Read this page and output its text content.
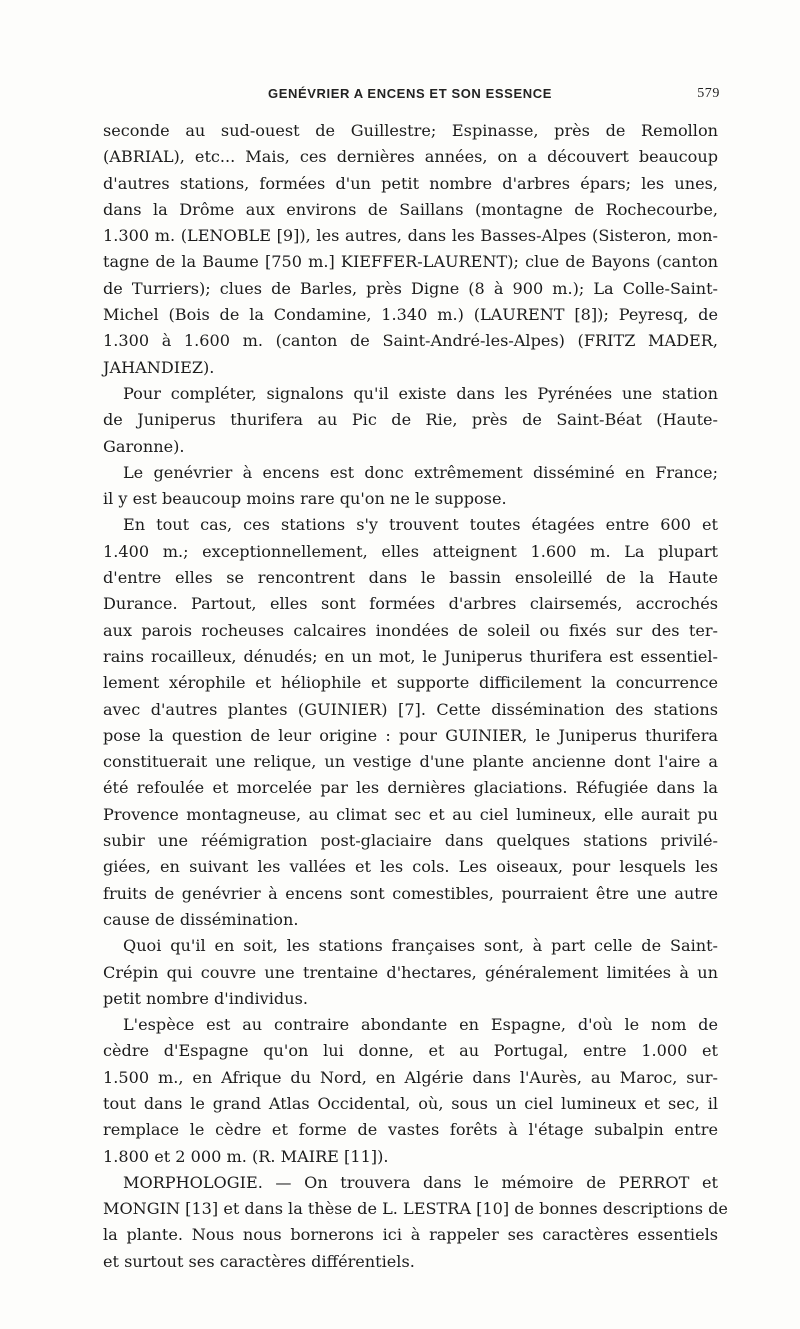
GENÉVRIER A ENCENS ET SON ESSENCE	579
seconde au sud-ouest de Guillestre; Espinasse, près de Remollon
(ABRIAL), etc... Mais, ces dernières années, on a découvert beaucoup
d'autres stations, formées d'un petit nombre d'arbres épars; les unes,
dans la Drôme aux environs de Saillans (montagne de Rochecourbe,
1.300 m. (LENOBLE [9]), les autres, dans les Basses-Alpes (Sisteron, mon-
tagne de la Baume [750 m.] KIEFFER-LAURENT); clue de Bayons (canton
de Turriers); clues de Barles, près Digne (8 à 900 m.); La Colle-Saint-
Michel (Bois de la Condamine, 1.340 m.) (LAURENT [8]); Peyresq, de
1.300 à 1.600 m. (canton de Saint-André-les-Alpes) (FRITZ MADER,
JAHANDIEZ).
Pour compléter, signalons qu'il existe dans les Pyrénées une station
de Juniperus thurifera au Pic de Rie, près de Saint-Béat (Haute-
Garonne).
Le genévrier à encens est donc extrêmement disséminé en France;
il y est beaucoup moins rare qu'on ne le suppose.
En tout cas, ces stations s'y trouvent toutes étagées entre 600 et
1.400 m.; exceptionnellement, elles atteignent 1.600 m. La plupart
d'entre elles se rencontrent dans le bassin ensoleillé de la Haute
Durance. Partout, elles sont formées d'arbres clairsemés, accrochés
aux parois rocheuses calcaires inondées de soleil ou fixés sur des ter-
rains rocailleux, dénudés; en un mot, le Juniperus thurifera est essentiel-
lement xérophile et héliophile et supporte difficilement la concurrence
avec d'autres plantes (GUINIER) [7]. Cette dissémination des stations
pose la question de leur origine : pour GUINIER, le Juniperus thurifera
constituerait une relique, un vestige d'une plante ancienne dont l'aire a
été refoulée et morcelée par les dernières glaciations. Réfugiée dans la
Provence montagneuse, au climat sec et au ciel lumineux, elle aurait pu
subir une réémigration post-glaciaire dans quelques stations privilé-
giées, en suivant les vallées et les cols. Les oiseaux, pour lesquels les
fruits de genévrier à encens sont comestibles, pourraient être une autre
cause de dissémination.
Quoi qu'il en soit, les stations françaises sont, à part celle de Saint-
Crépin qui couvre une trentaine d'hectares, généralement limitées à un
petit nombre d'individus.
L'espèce est au contraire abondante en Espagne, d'où le nom de
cèdre d'Espagne qu'on lui donne, et au Portugal, entre 1.000 et
1.500 m., en Afrique du Nord, en Algérie dans l'Aurès, au Maroc, sur-
tout dans le grand Atlas Occidental, où, sous un ciel lumineux et sec, il
remplace le cèdre et forme de vastes forêts à l'étage subalpin entre
1.800 et 2 000 m. (R. MAIRE [11]).
MORPHOLOGIE. — On trouvera dans le mémoire de PERROT et
MONGIN [13] et dans la thèse de L. LESTRA [10] de bonnes descriptions de
la plante. Nous nous bornerons ici à rappeler ses caractères essentiels
et surtout ses caractères différentiels.
